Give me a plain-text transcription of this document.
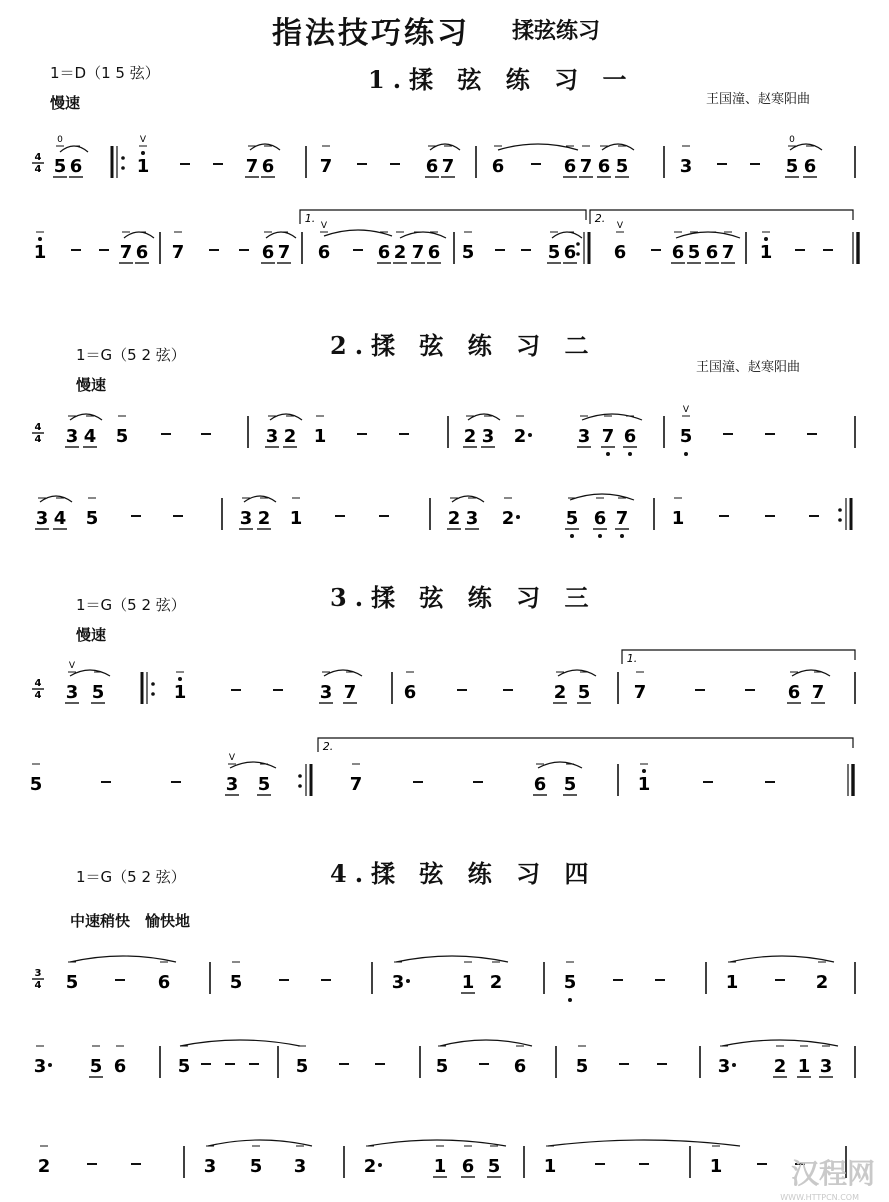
指法技巧练习 揉弦练习
1.揉 弦 练 习 一
1＝D（1 5 弦）
慢速	王国潼、赵寒阳曲
2.揉 弦 练 习 二
1＝G（5 2 弦）
慢速
王国潼、赵寒阳曲
3.揉 弦 练 习 三
1＝G（5 2 弦）
慢速
4.揉 弦 练 习 四
1＝G（5 2 弦）
中速稍快　愉快地
4
4 5
0
6	1
V
7 6	7	6 7 6	6 7 6 5	3	5
0
6
1	7 6 7	6 7 6
V
6 2 7 6 5	5 6 6
V
6 5 6 7 1
4
4 3 4 5	3 2 1	2 3 2	3 7 6 5
V
3 4 5	3 2 1	2 3 2	5 6 7 1
4
4 3
V
5	1	3 7	6	2 5 7	6 7
5	3
V
5	7	6 5	1
3
4 5	6	5	3	1 2	5	1	2
3 5 6	5	5	5	6	5	3 2 1 3
2	3 5 3	2	1 6 5 1	1
1.	2.
1.
2.
汉程网
WWW.HTTPCN.COM
